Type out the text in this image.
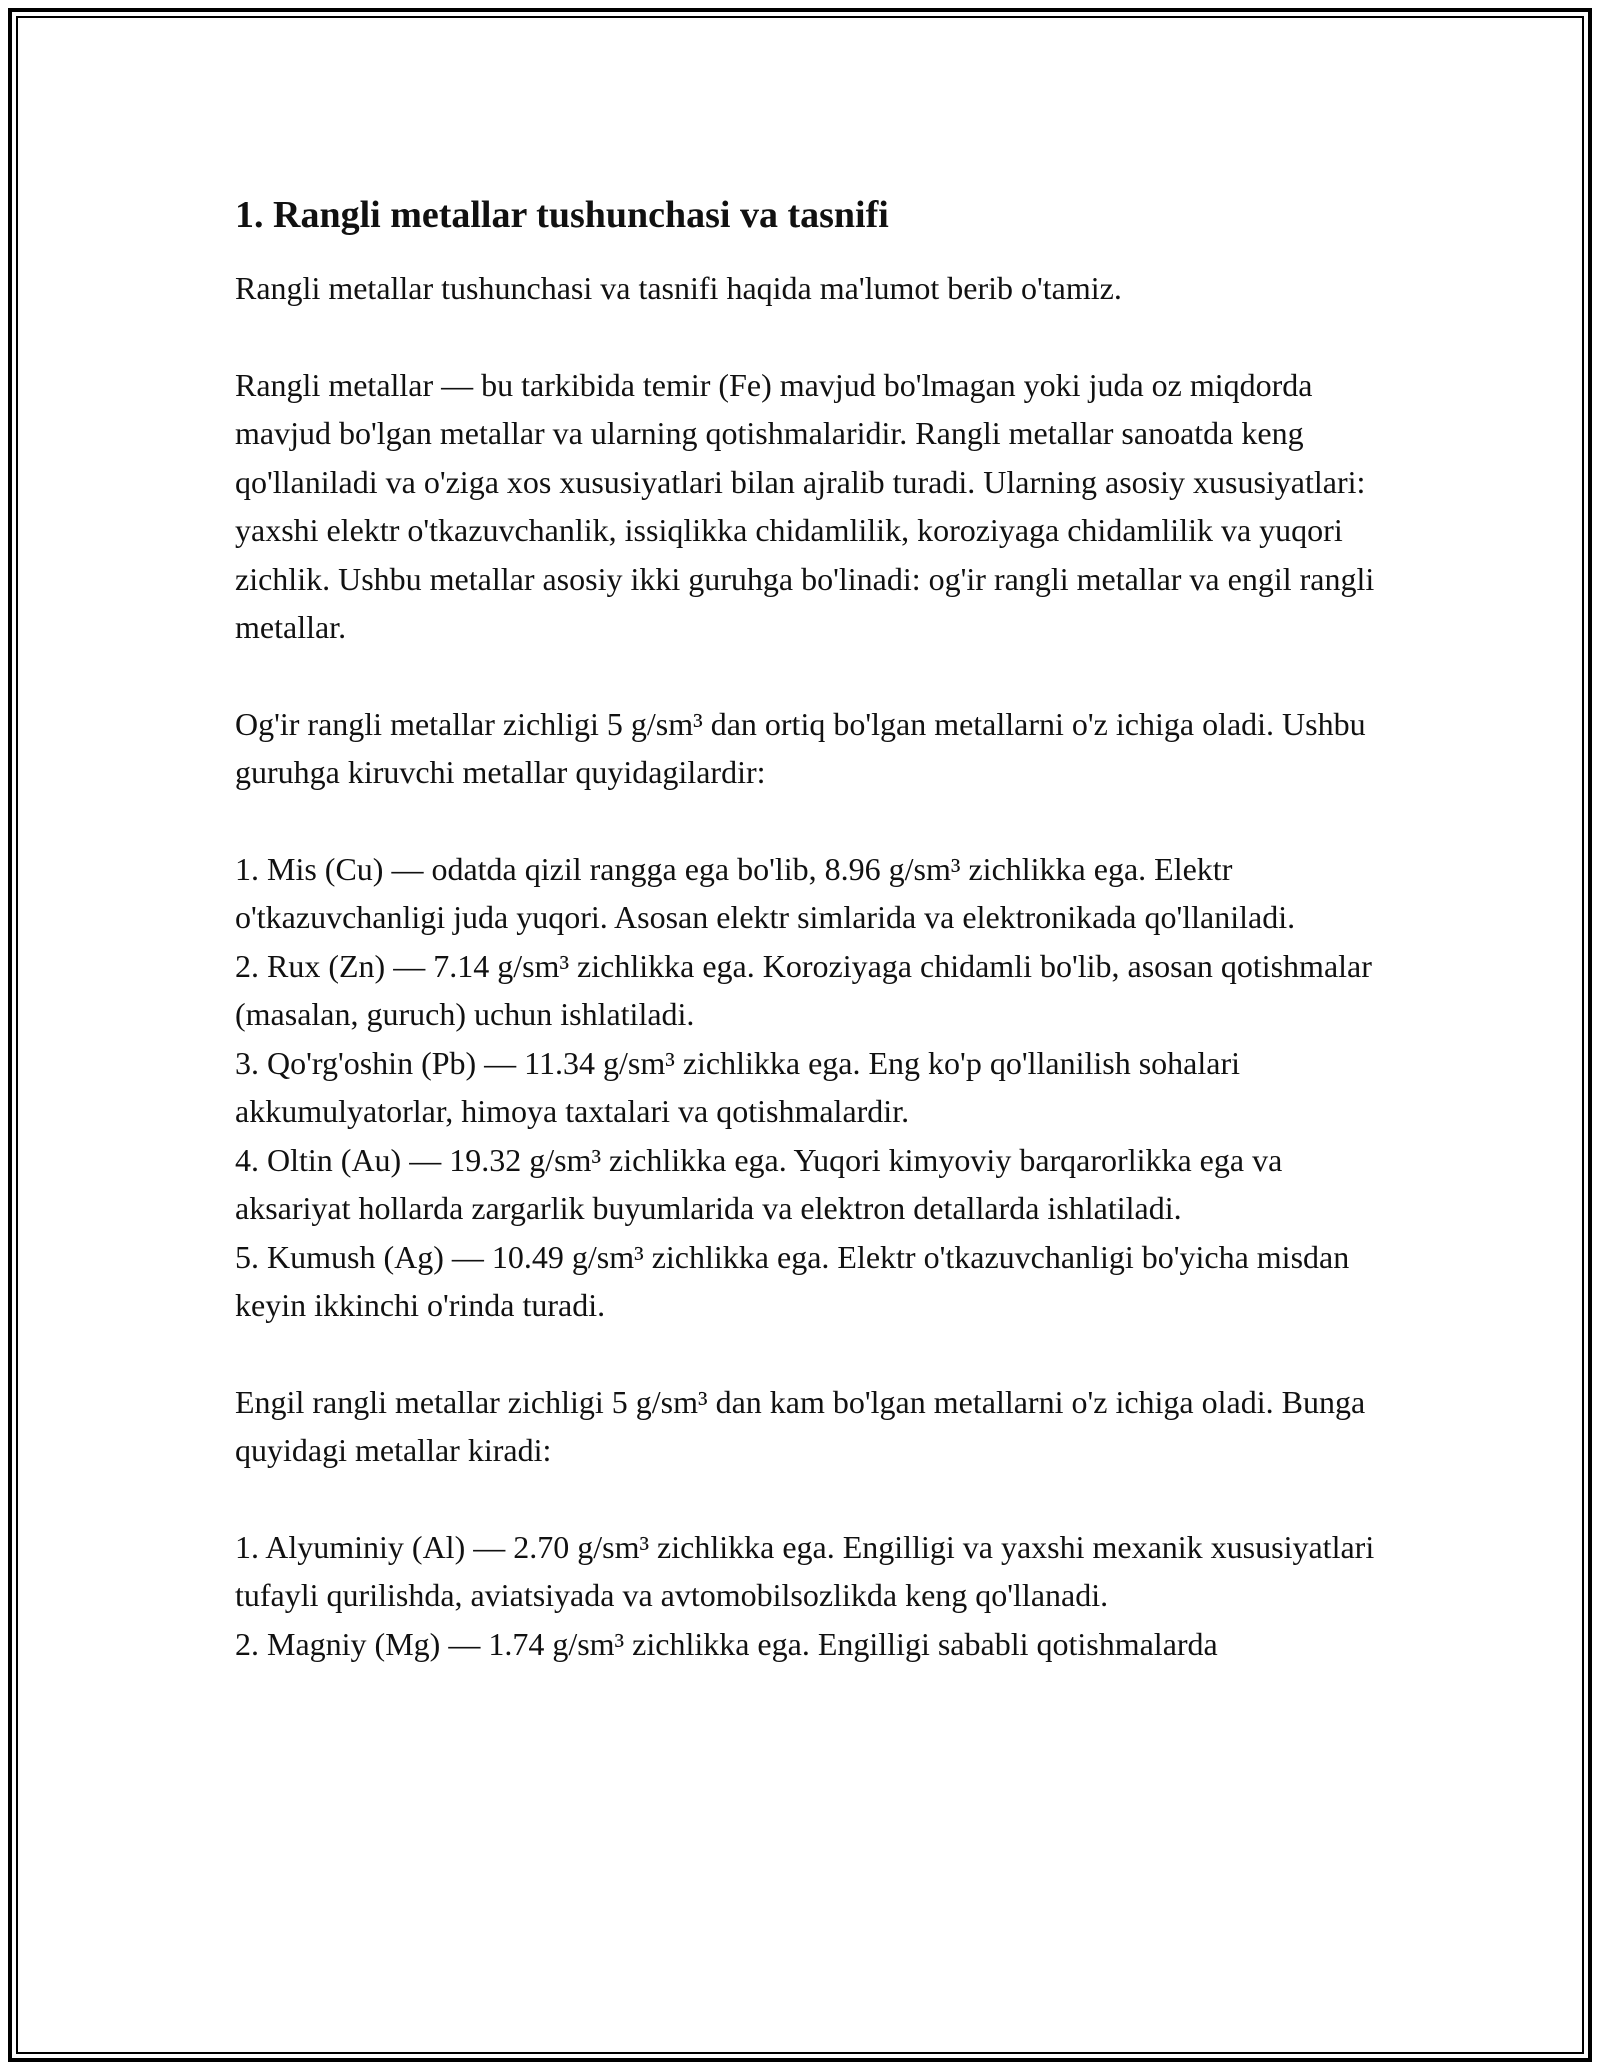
1. Rangli metallar tushunchasi va tasnifi

Rangli metallar tushunchasi va tasnifi haqida ma'lumot berib o'tamiz.

Rangli metallar — bu tarkibida temir (Fe) mavjud bo'lmagan yoki juda oz miqdorda mavjud bo'lgan metallar va ularning qotishmalaridir. Rangli metallar sanoatda keng qo'llaniladi va o'ziga xos xususiyatlari bilan ajralib turadi. Ularning asosiy xususiyatlari: yaxshi elektr o'tkazuvchanlik, issiqlikka chidamlilik, koroziyaga chidamlilik va yuqori zichlik. Ushbu metallar asosiy ikki guruhga bo'linadi: og'ir rangli metallar va engil rangli metallar.

Og'ir rangli metallar zichligi 5 g/sm³ dan ortiq bo'lgan metallarni o'z ichiga oladi. Ushbu guruhga kiruvchi metallar quyidagilardir:

1. Mis (Cu) — odatda qizil rangga ega bo'lib, 8.96 g/sm³ zichlikka ega. Elektr o'tkazuvchanligi juda yuqori. Asosan elektr simlarida va elektronikada qo'llaniladi.

2. Rux (Zn) — 7.14 g/sm³ zichlikka ega. Koroziyaga chidamli bo'lib, asosan qotishmalar (masalan, guruch) uchun ishlatiladi.

3. Qo'rg'oshin (Pb) — 11.34 g/sm³ zichlikka ega. Eng ko'p qo'llanilish sohalari akkumulyatorlar, himoya taxtalari va qotishmalardir.

4. Oltin (Au) — 19.32 g/sm³ zichlikka ega. Yuqori kimyoviy barqarorlikka ega va aksariyat hollarda zargarlik buyumlarida va elektron detallarda ishlatiladi.

5. Kumush (Ag) — 10.49 g/sm³ zichlikka ega. Elektr o'tkazuvchanligi bo'yicha misdan keyin ikkinchi o'rinda turadi.

Engil rangli metallar zichligi 5 g/sm³ dan kam bo'lgan metallarni o'z ichiga oladi. Bunga quyidagi metallar kiradi:

1. Alyuminiy (Al) — 2.70 g/sm³ zichlikka ega. Engilligi va yaxshi mexanik xususiyatlari tufayli qurilishda, aviatsiyada va avtomobilsozlikda keng qo'llanadi.

2. Magniy (Mg) — 1.74 g/sm³ zichlikka ega. Engilligi sababli qotishmalarda
